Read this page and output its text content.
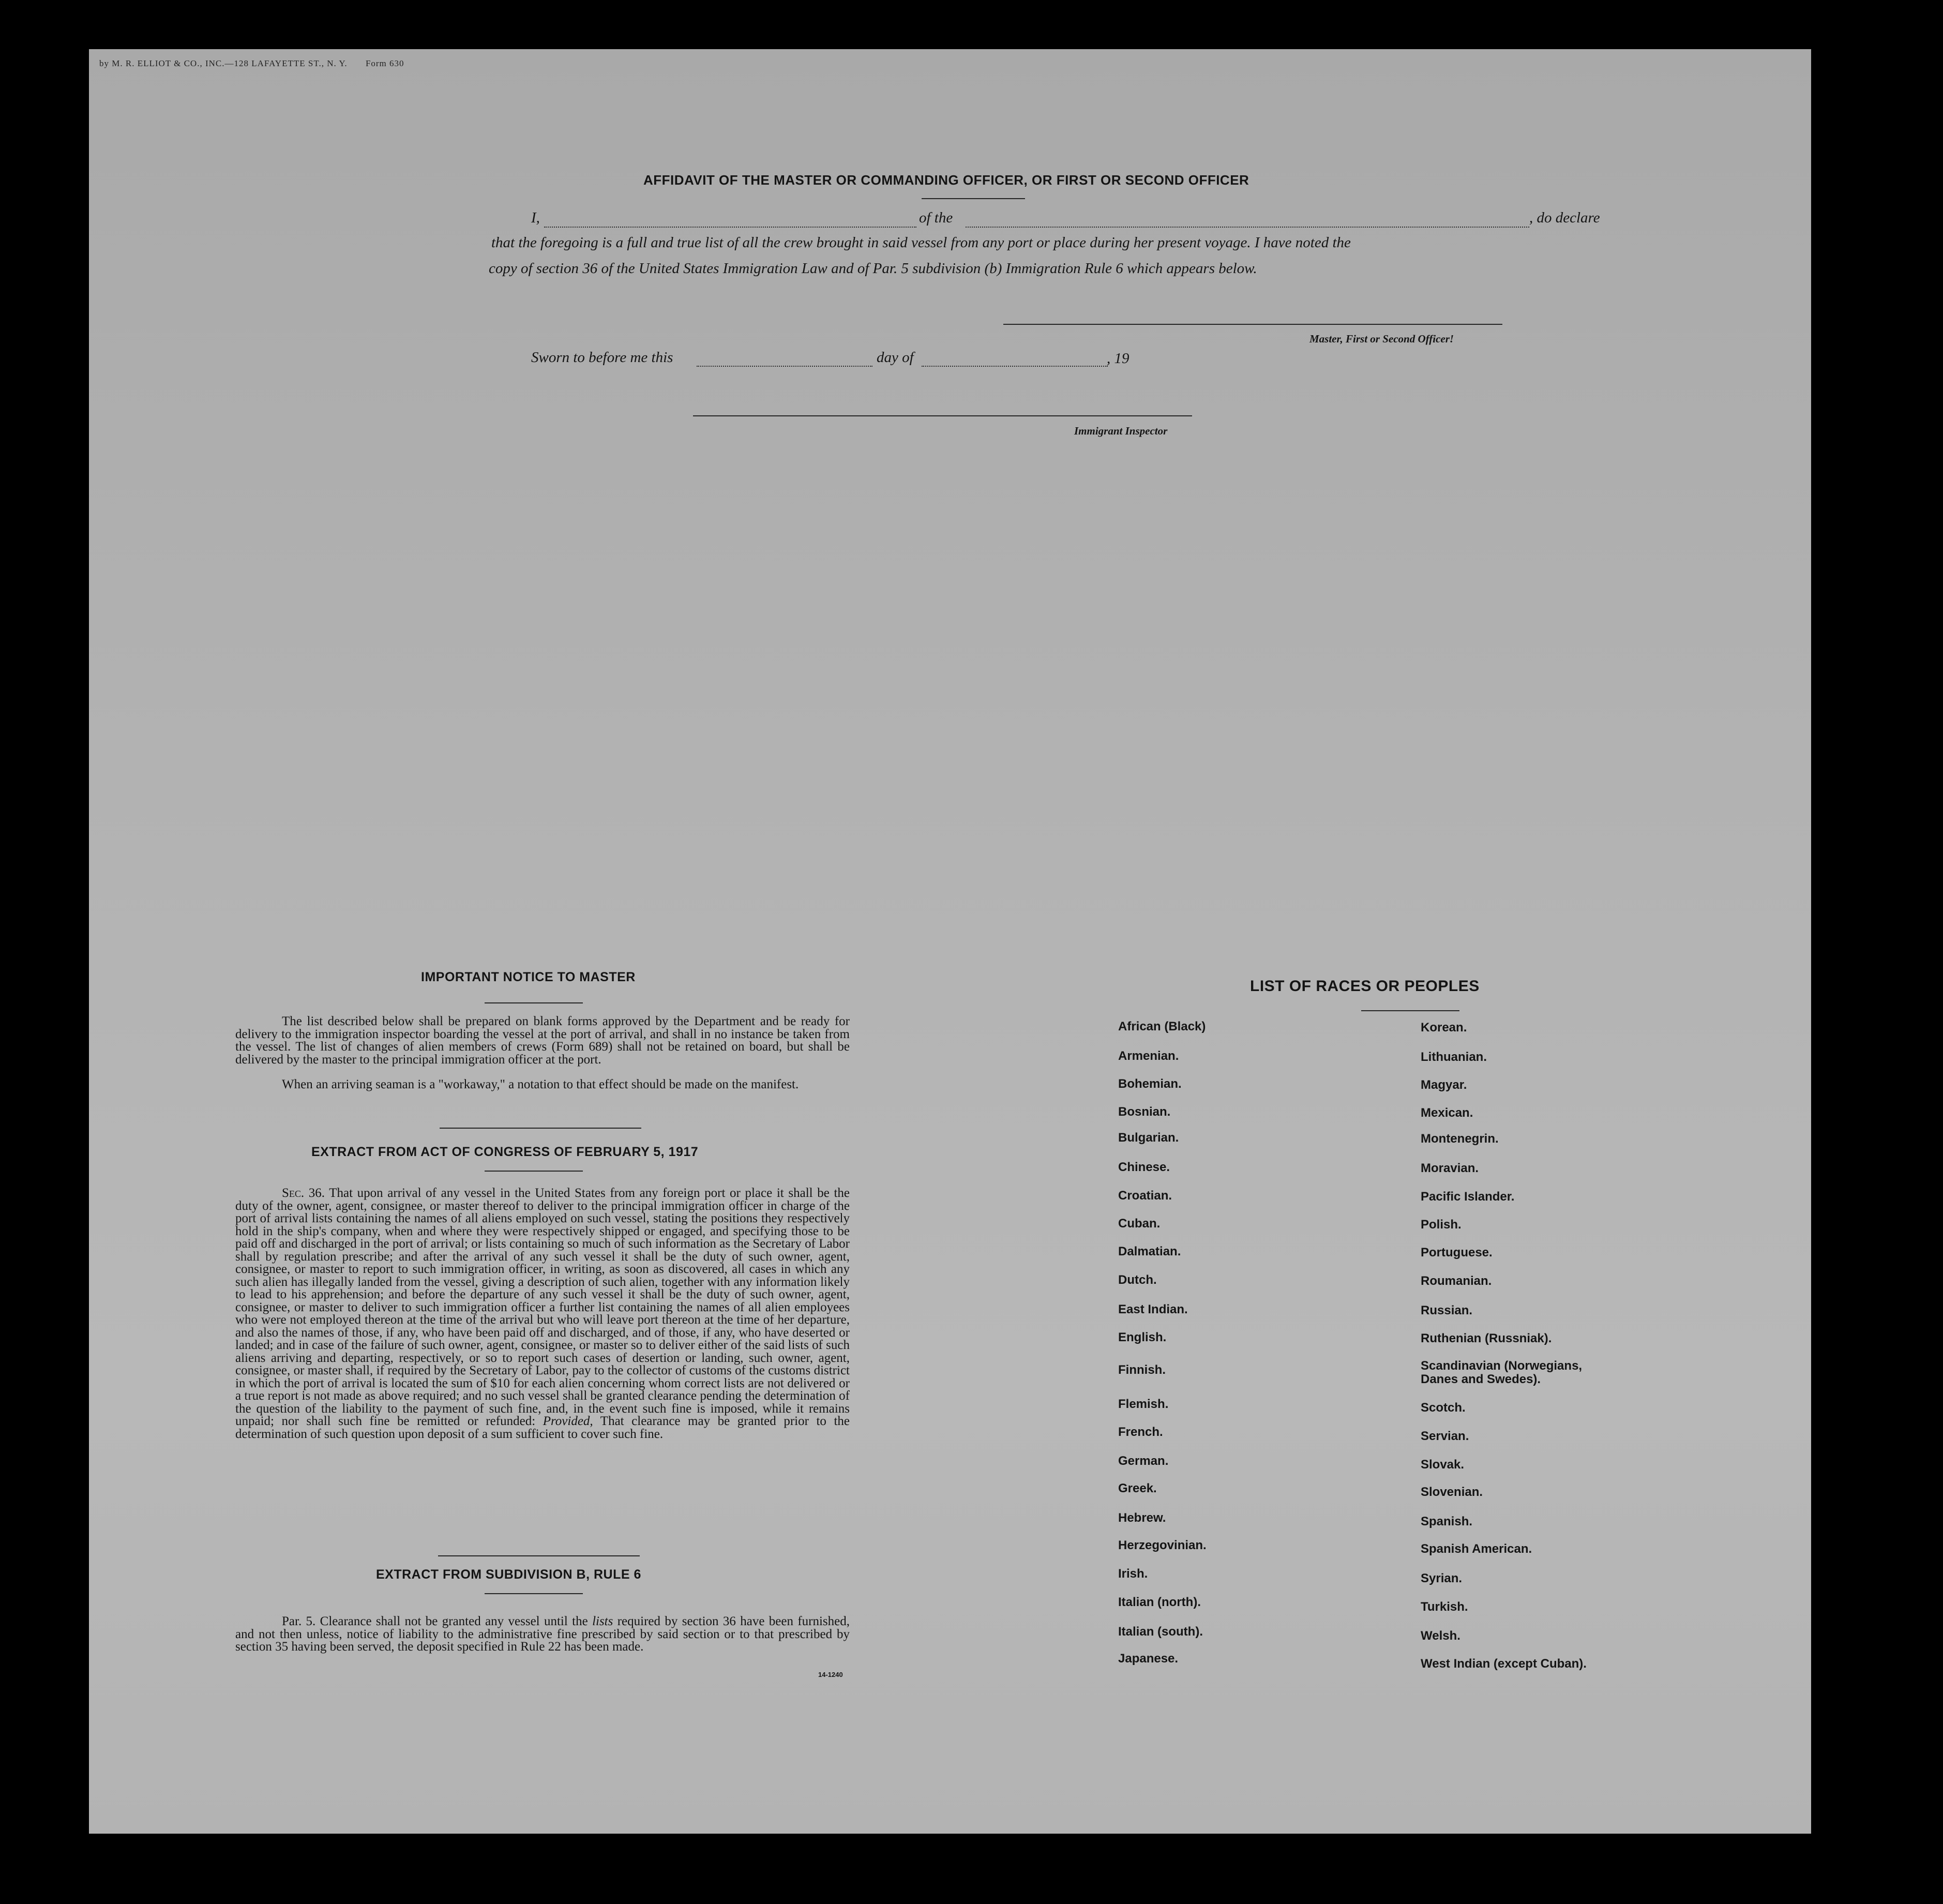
by M. R. ELLIOT & CO., INC.—128 LAFAYETTE ST., N. Y. Form 630
AFFIDAVIT OF THE MASTER OR COMMANDING OFFICER, OR FIRST OR SECOND OFFICER
I,	of the	, do declare
that the foregoing is a full and true list of all the crew brought in said vessel from any port or place during her present voyage. I have noted the
copy of section 36 of the United States Immigration Law and of Par. 5 subdivision (b) Immigration Rule 6 which appears below.
Master, First or Second Officer!
Sworn to before me this	day of	, 19
Immigrant Inspector
IMPORTANT NOTICE TO MASTER
The list described below shall be prepared on blank forms approved by the Department and be ready for delivery to the immigration inspector boarding the vessel at the port of arrival, and shall in no instance be taken from the vessel. The list of changes of alien members of crews (Form 689) shall not be retained on board, but shall be delivered by the master to the principal immigration officer at the port.
When an arriving seaman is a "workaway," a notation to that effect should be made on the manifest.
EXTRACT FROM ACT OF CONGRESS OF FEBRUARY 5, 1917
Sec. 36. That upon arrival of any vessel in the United States from any foreign port or place it shall be the duty of the owner, agent, consignee, or master thereof to deliver to the principal immigration officer in charge of the port of arrival lists containing the names of all aliens employed on such vessel, stating the positions they respectively hold in the ship's company, when and where they were respectively shipped or engaged, and specifying those to be paid off and discharged in the port of arrival; or lists containing so much of such information as the Secretary of Labor shall by regulation prescribe; and after the arrival of any such vessel it shall be the duty of such owner, agent, consignee, or master to report to such immigration officer, in writing, as soon as discovered, all cases in which any such alien has illegally landed from the vessel, giving a description of such alien, together with any information likely to lead to his apprehension; and before the departure of any such vessel it shall be the duty of such owner, agent, consignee, or master to deliver to such immigration officer a further list containing the names of all alien employees who were not employed thereon at the time of the arrival but who will leave port thereon at the time of her departure, and also the names of those, if any, who have been paid off and discharged, and of those, if any, who have deserted or landed; and in case of the failure of such owner, agent, consignee, or master so to deliver either of the said lists of such aliens arriving and departing, respectively, or so to report such cases of desertion or landing, such owner, agent, consignee, or master shall, if required by the Secretary of Labor, pay to the collector of customs of the customs district in which the port of arrival is located the sum of $10 for each alien concerning whom correct lists are not delivered or a true report is not made as above required; and no such vessel shall be granted clearance pending the determination of the question of the liability to the payment of such fine, and, in the event such fine is imposed, while it remains unpaid; nor shall such fine be remitted or refunded: Provided, That clearance may be granted prior to the determination of such question upon deposit of a sum sufficient to cover such fine.
EXTRACT FROM SUBDIVISION B, RULE 6
Par. 5. Clearance shall not be granted any vessel until the lists required by section 36 have been furnished, and not then unless, notice of liability to the administrative fine prescribed by said section or to that prescribed by section 35 having been served, the deposit specified in Rule 22 has been made.
14-1240
LIST OF RACES OR PEOPLES
African (Black)
Armenian.
Bohemian.
Bosnian.
Bulgarian.
Chinese.
Croatian.
Cuban.
Dalmatian.
Dutch.
East Indian.
English.
Finnish.
Flemish.
French.
German.
Greek.
Hebrew.
Herzegovinian.
Irish.
Italian (north).
Italian (south).
Japanese.
Korean.
Lithuanian.
Magyar.
Mexican.
Montenegrin.
Moravian.
Pacific Islander.
Polish.
Portuguese.
Roumanian.
Russian.
Ruthenian (Russniak).
Scandinavian (Norwegians, Danes and Swedes).
Scotch.
Servian.
Slovak.
Slovenian.
Spanish.
Spanish American.
Syrian.
Turkish.
Welsh.
West Indian (except Cuban).
